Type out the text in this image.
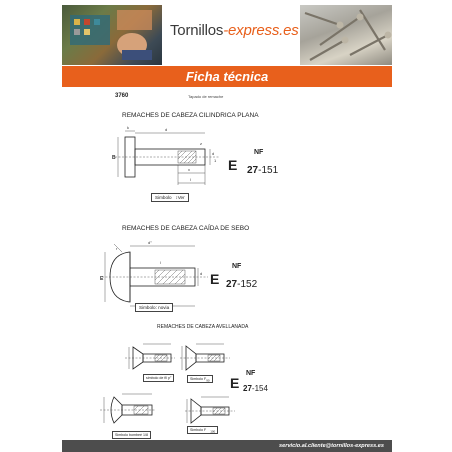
Tornillos-express.es
Ficha técnica
3760	Tapado de remache
REMACHES DE CABEZA CILINDRICA PLANA
k	d
B
d
1
l
x
z
Simbolo ↕Ver
NF
E 27-151
REMACHES DE CABEZA CAÍDA DE SEBO
d°
E
d
l
r
Simbolo: novia
NF
E 27-152
REMACHES DE CABEZA AVELLANADA
simbolo de fil p°	Simbolo $F_{90}$
Simbolo bombeé 1/8
Simbolo F $_{100}$
NF
E 27-154
servicio.al.cliente@tornillos-express.es
